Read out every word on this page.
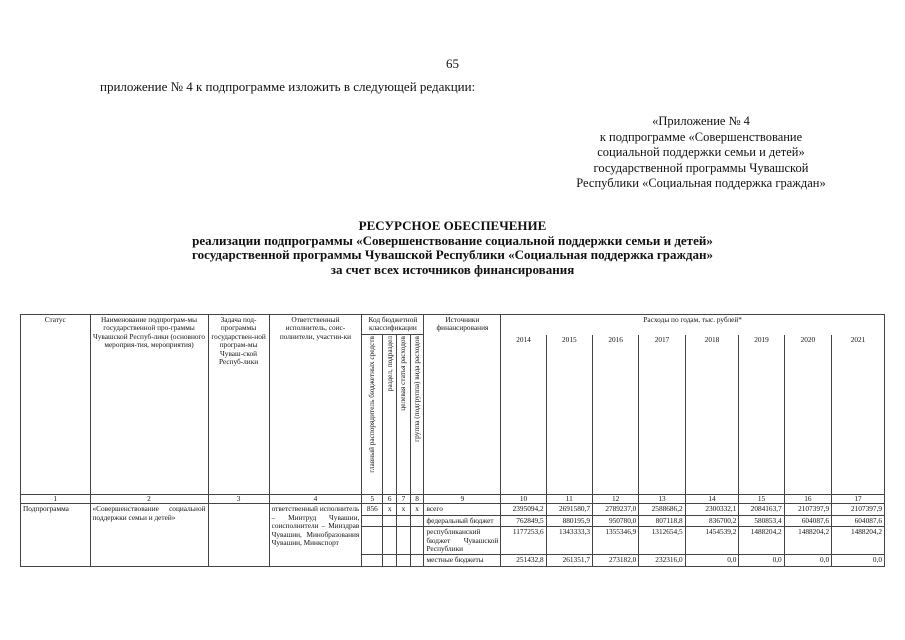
65
приложение № 4 к подпрограмме изложить в следующей редакции:
«Приложение № 4
к подпрограмме «Совершенствование
социальной поддержки семьи и детей»
государственной программы Чувашской
Республики «Социальная поддержка граждан»
РЕСУРСНОЕ ОБЕСПЕЧЕНИЕ
реализации подпрограммы «Совершенствование социальной поддержки семьи и детей»
государственной программы Чувашской Республики «Социальная поддержка граждан»
за счет всех источников финансирования
Статус	Наименование подпрограм-мы государственной про-граммы Чувашской Респуб-лики (основного мероприя-тия, мероприятия)	Задача под-программы государствен-ной програм-мы Чуваш-ской Респуб-лики	Ответственный исполнитель, соис-полнители, участни-ки	Код бюджетной классификации				Источники финансирования	Расходы по годам, тыс. рублей*							

				главный распорядитель бюджетных средств	раздел, подраздел	целевая статья расходов	группа (подгруппа) вида расходов		2014	2015	2016	2017	2018	2019	2020	2021
1	2	3	4	5	6	7	8	9	10	11	12	13	14	15	16	17
Подпрограмма	«Совершенствование социальной поддержки семьи и детей»		ответственный исполнитель – Минтруд Чувашии, соисполнители – Минздрав Чувашии, Минобразования Чувашии, Минкспорт	856	x	x	x	всего	2395094,2	2691580,7	2789237,0	2588686,2	2300332,1	2084163,7	2107397,9	2107397,9
								федеральный бюджет	762849,5	880195,9	950780,0	807118,8	836700,2	580853,4	604087,6	604087,6
								республиканский бюджет Чувашской Республики	1177253,6	1343333,3	1355346,9	1312654,5	1454539,2	1488204,2	1488204,2	1488204,2
								местные бюджеты	251432,8	261351,7	273182,0	232316,0	0,0	0,0	0,0	0,0
